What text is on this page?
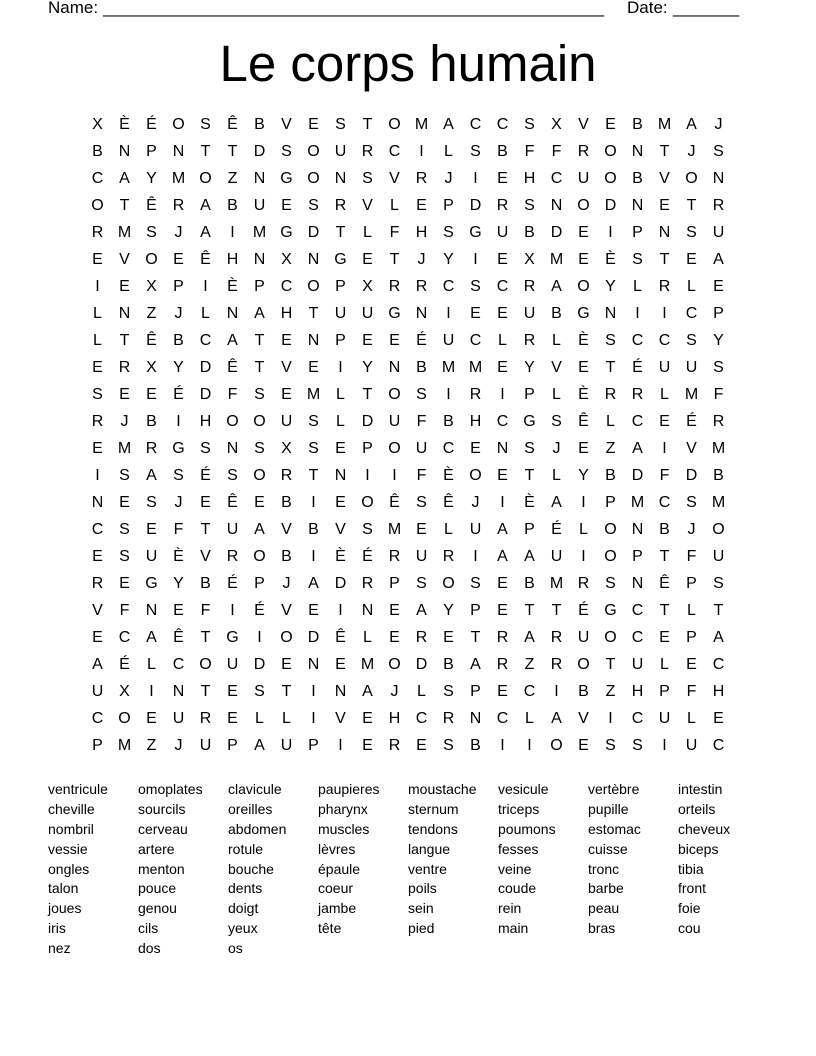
Name: _____________________________________________________ Date: _______
Le corps humain
X	È	É O S	Ê	B	V	E	S	T O M A C C S	X	V	E	B M A	J
B N P N	T	T	D S O U R C	I	L	S	B	F	F	R O N	T	J	S
C A	Y M O Z	N G O N S	V R	J	I	E H C U O B	V O N
O T	Ê R A	B U E	S R V	L	E	P D R S N O D N E	T	R
R M S	J	A	I	M G D	T	L	F	H S G U B D E	I	P N S U
E	V O E	Ê H N X N G E	T	J	Y	I	E	X M E	È	S	T	E	A
I	E	X	P	I	È	P C O P	X R R C S C R A O Y	L	R	L	E
L	N	Z	J	L	N A H	T	U U G N	I	E	E U B G N	I	I	C P
L	T	Ê	B C A	T	E N P	E	E	É U C	L	R	L	È	S C C S	Y
E R X	Y D Ê	T	V	E	I	Y N B M M E	Y	V	E	T	É U U S
S	E	E	É D	F	S	E M L	T O S	I	R	I	P	L	È R R	L M F
R	J	B	I	H O O U S	L	D U	F	B H C G S	Ê	L	C E	É R
E M R G S N S	X	S	E	P O U C E N S	J	E	Z	A	I	V M
I	S	A	S	É	S O R	T	N	I	I	F	È O E	T	L	Y	B D	F	D B
N E	S	J	E	Ê	E	B	I	E O Ê	S	Ê	J	I	È	A	I	P M C S M
C S	E	F	T	U A	V	B	V	S M E	L	U A	P	É	L	O N B	J	O
E	S U È	V R O B	I	È	É R U R	I	A	A U	I	O P	T	F	U
R E G Y	B	É	P	J	A D R P	S O S	E	B M R S N Ê	P	S
V	F	N E	F	I	É	V	E	I	N E	A	Y	P	E	T	T	É G C	T	L	T
E C A	Ê	T G	I	O D Ê	L	E R E	T	R A R U O C E	P	A
A	É	L	C O U D E N E M O D B	A R	Z	R O T	U	L	E C
U X	I	N	T	E	S	T	I	N A	J	L	S	P	E C	I	B	Z	H P	F	H
C O E U R E	L	L	I	V	E H C R N C	L	A	V	I	C U	L	E
P M Z	J	U P	A U P	I	E R E	S	B	I	I	O E	S	S	I	U C
ventricule	omoplates	clavicule	paupieres	moustache	vesicule	vertèbre	intestin
cheville	sourcils	oreilles	pharynx	sternum	triceps	pupille	orteils
nombril	cerveau	abdomen	muscles	tendons	poumons	estomac	cheveux
vessie	artere	rotule	lèvres	langue	fesses	cuisse	biceps
ongles	menton	bouche	épaule	ventre	veine	tronc	tibia
talon	pouce	dents	coeur	poils	coude	barbe	front
joues	genou	doigt	jambe	sein	rein	peau	foie
iris	cils	yeux	tête	pied	main	bras	cou
nez	dos	os
